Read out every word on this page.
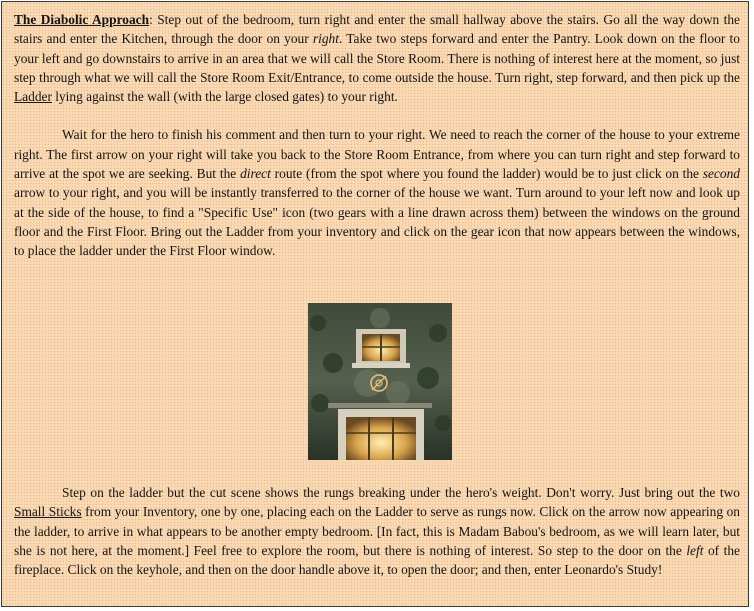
The Diabolic Approach: Step out of the bedroom, turn right and enter the small hallway above the stairs. Go all the way down the stairs and enter the Kitchen, through the door on your right. Take two steps forward and enter the Pantry. Look down on the floor to your left and go downstairs to arrive in an area that we will call the Store Room. There is nothing of interest here at the moment, so just step through what we will call the Store Room Exit/Entrance, to come outside the house. Turn right, step forward, and then pick up the Ladder lying against the wall (with the large closed gates) to your right.

Wait for the hero to finish his comment and then turn to your right. We need to reach the corner of the house to your extreme right. The first arrow on your right will take you back to the Store Room Entrance, from where you can turn right and step forward to arrive at the spot we are seeking. But the direct route (from the spot where you found the ladder) would be to just click on the second arrow to your right, and you will be instantly transferred to the corner of the house we want. Turn around to your left now and look up at the side of the house, to find a "Specific Use" icon (two gears with a line drawn across them) between the windows on the ground floor and the First Floor. Bring out the Ladder from your inventory and click on the gear icon that now appears between the windows, to place the ladder under the First Floor window.

Step on the ladder but the cut scene shows the rungs breaking under the hero's weight. Don't worry. Just bring out the two Small Sticks from your Inventory, one by one, placing each on the Ladder to serve as rungs now. Click on the arrow now appearing on the ladder, to arrive in what appears to be another empty bedroom. [In fact, this is Madam Babou's bedroom, as we will learn later, but she is not here, at the moment.] Feel free to explore the room, but there is nothing of interest. So step to the door on the left of the fireplace. Click on the keyhole, and then on the door handle above it, to open the door; and then, enter Leonardo's Study!
